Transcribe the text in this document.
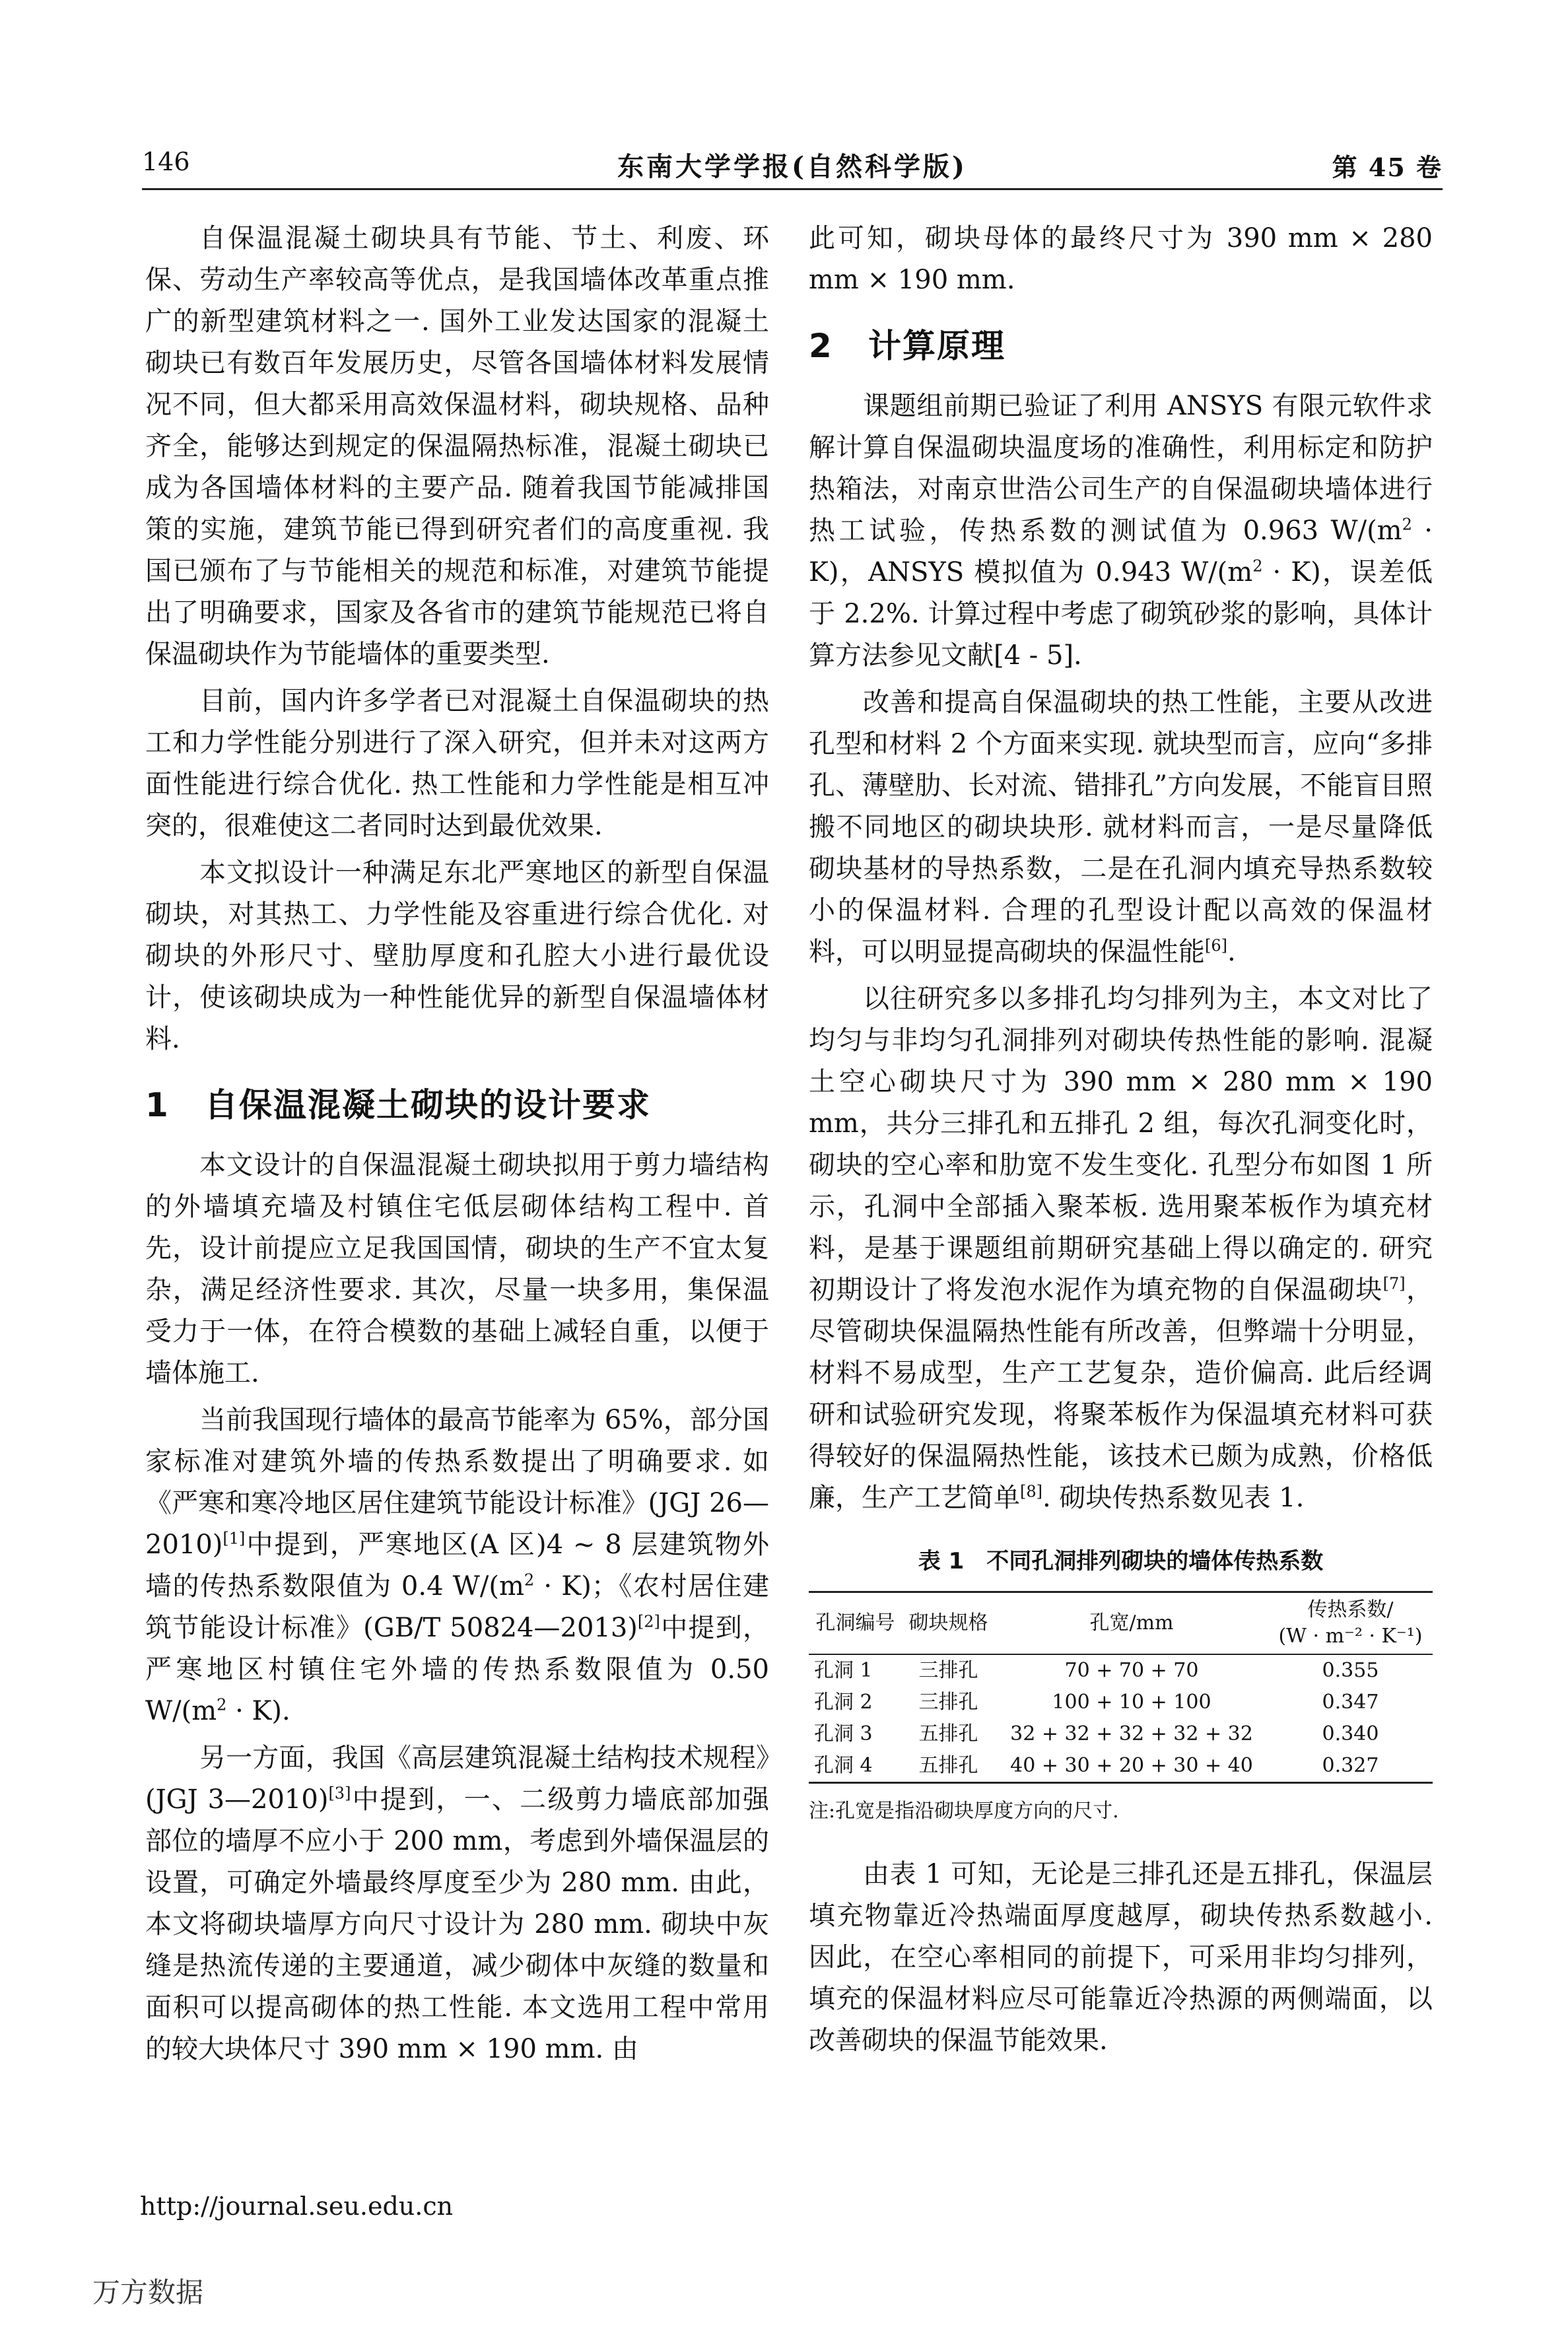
146	东南大学学报(自然科学版)	第 45 卷

自保温混凝土砌块具有节能、节土、利废、环保、劳动生产率较高等优点，是我国墙体改革重点推广的新型建筑材料之一. 国外工业发达国家的混凝土砌块已有数百年发展历史，尽管各国墙体材料发展情况不同，但大都采用高效保温材料，砌块规格、品种齐全，能够达到规定的保温隔热标准，混凝土砌块已成为各国墙体材料的主要产品. 随着我国节能减排国策的实施，建筑节能已得到研究者们的高度重视. 我国已颁布了与节能相关的规范和标准，对建筑节能提出了明确要求，国家及各省市的建筑节能规范已将自保温砌块作为节能墙体的重要类型.

目前，国内许多学者已对混凝土自保温砌块的热工和力学性能分别进行了深入研究，但并未对这两方面性能进行综合优化. 热工性能和力学性能是相互冲突的，很难使这二者同时达到最优效果.

本文拟设计一种满足东北严寒地区的新型自保温砌块，对其热工、力学性能及容重进行综合优化. 对砌块的外形尺寸、壁肋厚度和孔腔大小进行最优设计，使该砌块成为一种性能优异的新型自保温墙体材料.

1 自保温混凝土砌块的设计要求

本文设计的自保温混凝土砌块拟用于剪力墙结构的外墙填充墙及村镇住宅低层砌体结构工程中. 首先，设计前提应立足我国国情，砌块的生产不宜太复杂，满足经济性要求. 其次，尽量一块多用，集保温受力于一体，在符合模数的基础上减轻自重，以便于墙体施工.

当前我国现行墙体的最高节能率为 65%，部分国家标准对建筑外墙的传热系数提出了明确要求. 如《严寒和寒冷地区居住建筑节能设计标准》(JGJ 26—2010)[1]中提到，严寒地区(A 区)4 ~ 8 层建筑物外墙的传热系数限值为 0.4 $W/(m^2 \cdot K)$；《农村居住建筑节能设计标准》(GB/T 50824—2013)[2]中提到，严寒地区村镇住宅外墙的传热系数限值为 0.50 $W/(m^2 \cdot K)$.

另一方面，我国《高层建筑混凝土结构技术规程》(JGJ 3—2010)[3]中提到，一、二级剪力墙底部加强部位的墙厚不应小于 200 mm，考虑到外墙保温层的设置，可确定外墙最终厚度至少为 280 mm. 由此，本文将砌块墙厚方向尺寸设计为 280 mm. 砌块中灰缝是热流传递的主要通道，减少砌体中灰缝的数量和面积可以提高砌体的热工性能. 本文选用工程中常用的较大块体尺寸 390 mm × 190 mm. 由

此可知，砌块母体的最终尺寸为 390 mm × 280 mm × 190 mm.

2 计算原理

课题组前期已验证了利用 ANSYS 有限元软件求解计算自保温砌块温度场的准确性，利用标定和防护热箱法，对南京世浩公司生产的自保温砌块墙体进行热工试验，传热系数的测试值为 0.963 $W/(m^2 \cdot K)$，ANSYS 模拟值为 0.943 $W/(m^2 \cdot K)$，误差低于 2.2%. 计算过程中考虑了砌筑砂浆的影响，具体计算方法参见文献[4 - 5].

改善和提高自保温砌块的热工性能，主要从改进孔型和材料 2 个方面来实现. 就块型而言，应向“多排孔、薄壁肋、长对流、错排孔”方向发展，不能盲目照搬不同地区的砌块块形. 就材料而言，一是尽量降低砌块基材的导热系数，二是在孔洞内填充导热系数较小的保温材料. 合理的孔型设计配以高效的保温材料，可以明显提高砌块的保温性能[6].

以往研究多以多排孔均匀排列为主，本文对比了均匀与非均匀孔洞排列对砌块传热性能的影响. 混凝土空心砌块尺寸为 390 mm × 280 mm × 190 mm，共分三排孔和五排孔 2 组，每次孔洞变化时，砌块的空心率和肋宽不发生变化. 孔型分布如图 1 所示，孔洞中全部插入聚苯板. 选用聚苯板作为填充材料，是基于课题组前期研究基础上得以确定的. 研究初期设计了将发泡水泥作为填充物的自保温砌块[7]，尽管砌块保温隔热性能有所改善，但弊端十分明显，材料不易成型，生产工艺复杂，造价偏高. 此后经调研和试验研究发现，将聚苯板作为保温填充材料可获得较好的保温隔热性能，该技术已颇为成熟，价格低廉，生产工艺简单[8]. 砌块传热系数见表 1.

表 1　不同孔洞排列砌块的墙体传热系数
孔洞编号	砌块规格	孔宽/mm	传热系数/
(W · m⁻² · K⁻¹)

孔洞 1	三排孔	70 + 70 + 70	0.355
孔洞 2	三排孔	100 + 10 + 100	0.347
孔洞 3	五排孔	32 + 32 + 32 + 32 + 32	0.340
孔洞 4	五排孔	40 + 30 + 20 + 30 + 40	0.327
注:孔宽是指沿砌块厚度方向的尺寸.

由表 1 可知，无论是三排孔还是五排孔，保温层填充物靠近冷热端面厚度越厚，砌块传热系数越小. 因此，在空心率相同的前提下，可采用非均匀排列，填充的保温材料应尽可能靠近冷热源的两侧端面，以改善砌块的保温节能效果.

http://journal.seu.edu.cn
万方数据
